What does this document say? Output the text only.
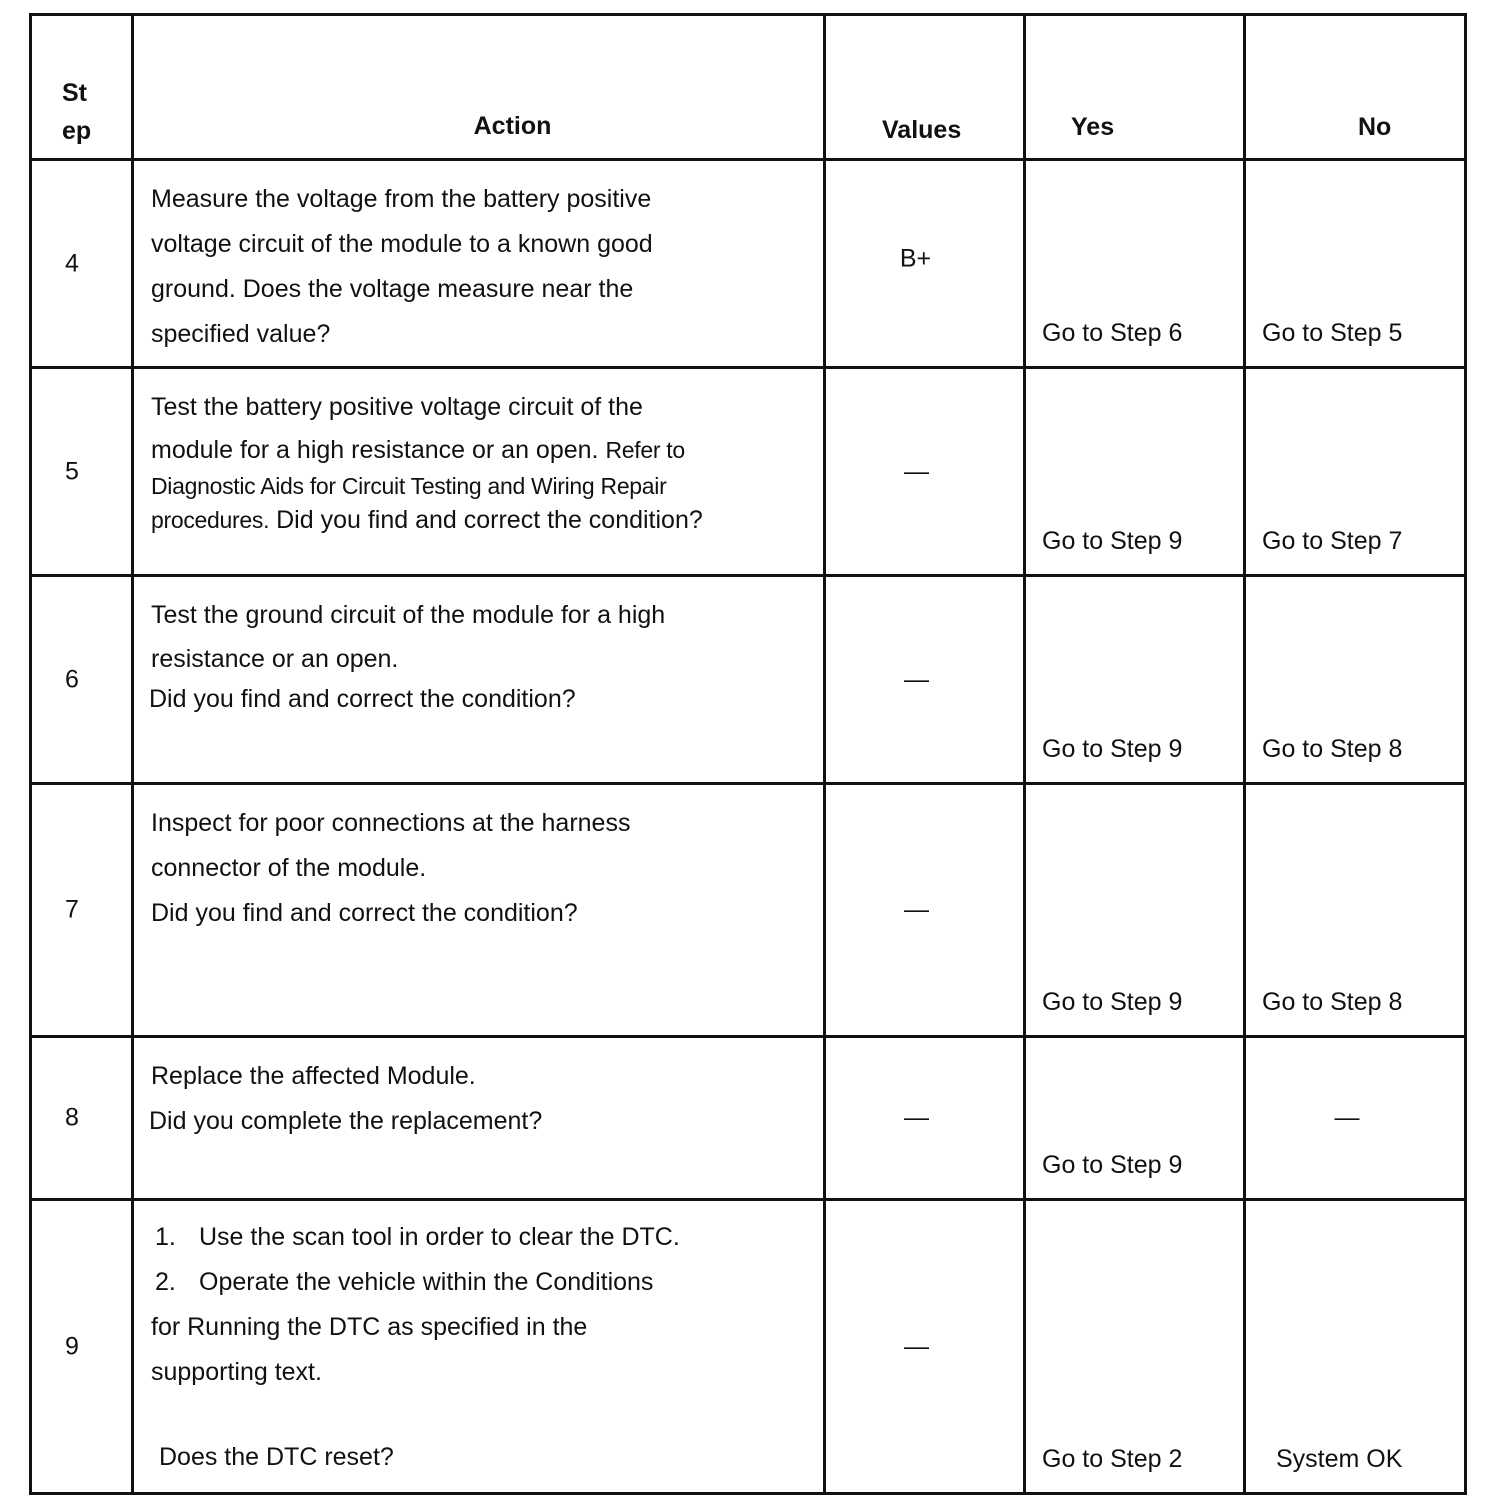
St
ep	Action	Values	Yes	No

4	Measure the voltage from the battery positive
voltage circuit of the module to a known good
ground. Does the voltage measure near the
specified value?	B+	Go to Step 6	Go to Step 5

5	Test the battery positive voltage circuit of the
module for a high resistance or an open. Refer to
Diagnostic Aids for Circuit Testing and Wiring Repair
procedures. Did you find and correct the condition?	—	Go to Step 9	Go to Step 7

6	Test the ground circuit of the module for a high
resistance or an open.
Did you find and correct the condition?	—	Go to Step 9	Go to Step 8

7	Inspect for poor connections at the harness
connector of the module.
Did you find and correct the condition?	—	Go to Step 9	Go to Step 8

8	Replace the affected Module.
Did you complete the replacement?	—	Go to Step 9	—

9	1. Use the scan tool in order to clear the DTC.
2. Operate the vehicle within the Conditions
for Running the DTC as specified in the
supporting text.
Does the DTC reset?	—	Go to Step 2	System OK
